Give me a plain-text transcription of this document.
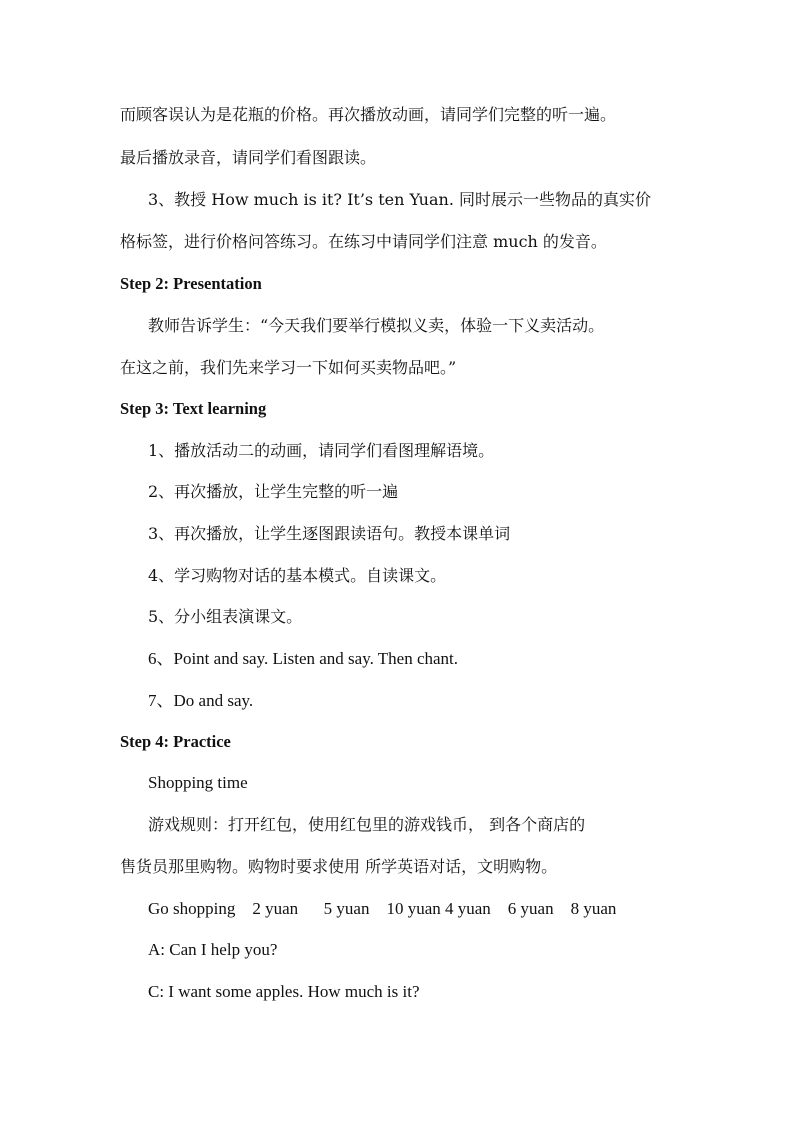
而顾客误认为是花瓶的价格。再次播放动画，请同学们完整的听一遍。
最后播放录音，请同学们看图跟读。
3、教授 How much is it? It’s ten Yuan. 同时展示一些物品的真实价
格标签，进行价格问答练习。在练习中请同学们注意 much 的发音。
Step 2: Presentation
教师告诉学生：“今天我们要举行模拟义卖，体验一下义卖活动。
在这之前，我们先来学习一下如何买卖物品吧。”
Step 3: Text learning
1、播放活动二的动画，请同学们看图理解语境。
2、再次播放，让学生完整的听一遍
3、再次播放，让学生逐图跟读语句。教授本课单词
4、学习购物对话的基本模式。自读课文。
5、分小组表演课文。
6、Point and say. Listen and say. Then chant.
7、Do and say.
Step 4: Practice
Shopping time
游戏规则：打开红包，使用红包里的游戏钱币， 到各个商店的
售货员那里购物。购物时要求使用 所学英语对话，文明购物。
Go shopping    2 yuan      5 yuan    10 yuan 4 yuan    6 yuan    8 yuan
A: Can I help you?
C: I want some apples. How much is it?
